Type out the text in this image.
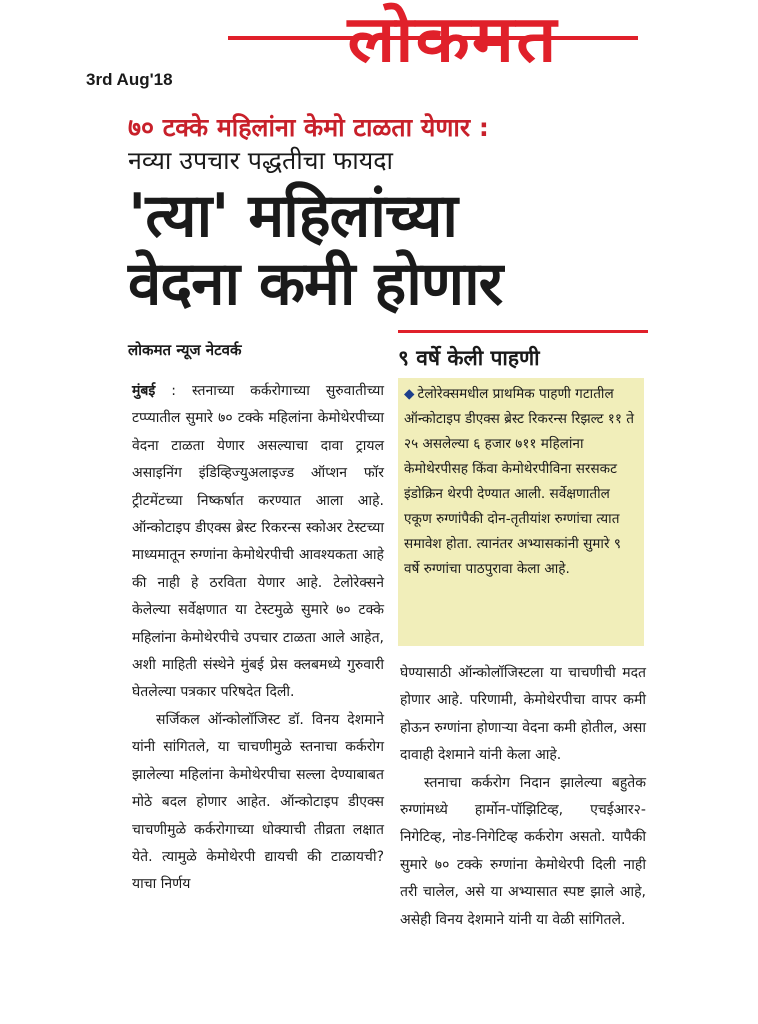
लोकमत
3rd Aug'18
७० टक्के महिलांना केमो टाळता येणार :
नव्या उपचार पद्धतीचा फायदा
'त्या' महिलांच्या
वेदना कमी होणार
लोकमत न्यूज नेटवर्क	९ वर्षे केली पाहणी
◆ टेलोरेक्समधील प्राथमिक पाहणी गटातील ऑन्कोटाइप डीएक्स ब्रेस्ट रिकरन्स रिझल्ट ११ ते २५ असलेल्या ६ हजार ७११ महिलांना केमोथेरपीसह किंवा केमोथेरपीविना सरसकट इंडोक्रिन थेरपी देण्यात आली. सर्वेक्षणातील एकूण रुग्णांपैकी दोन-तृतीयांश रुग्णांचा त्यात समावेश होता. त्यानंतर अभ्यासकांनी सुमारे ९ वर्षे रुग्णांचा पाठपुरावा केला आहे.

मुंबई : स्तनाच्या कर्करोगाच्या सुरुवातीच्या टप्प्यातील सुमारे ७० टक्के महिलांना केमोथेरपीच्या वेदना टाळता येणार असल्याचा दावा ट्रायल असाइनिंग इंडिव्हिज्युअलाइज्ड ऑप्शन फॉर ट्रीटमेंटच्या निष्कर्षात करण्यात आला आहे. ऑन्कोटाइप डीएक्स ब्रेस्ट रिकरन्स स्कोअर टेस्टच्या माध्यमातून रुग्णांना केमोथेरपीची आवश्यकता आहे की नाही हे ठरविता येणार आहे. टेलोरेक्सने केलेल्या सर्वेक्षणात या टेस्टमुळे सुमारे ७० टक्के महिलांना केमोथेरपीचे उपचार टाळता आले आहेत, अशी माहिती संस्थेने मुंबई प्रेस क्लबमध्ये गुरुवारी घेतलेल्या पत्रकार परिषदेत दिली.

सर्जिकल ऑन्कोलॉजिस्ट डॉ. विनय देशमाने यांनी सांगितले, या चाचणीमुळे स्तनाचा कर्करोग झालेल्या महिलांना केमोथेरपीचा सल्ला देण्याबाबत मोठे बदल होणार आहेत. ऑन्कोटाइप डीएक्स चाचणीमुळे कर्करोगाच्या धोक्याची तीव्रता लक्षात येते. त्यामुळे केमोथेरपी द्यायची की टाळायची? याचा निर्णय

घेण्यासाठी ऑन्कोलॉजिस्टला या चाचणीची मदत होणार आहे. परिणामी, केमोथेरपीचा वापर कमी होऊन रुग्णांना होणाऱ्या वेदना कमी होतील, असा दावाही देशमाने यांनी केला आहे.

स्तनाचा कर्करोग निदान झालेल्या बहुतेक रुग्णांमध्ये हार्मोन-पॉझिटिव्ह, एचईआर२-निगेटिव्ह, नोड-निगेटिव्ह कर्करोग असतो. यापैकी सुमारे ७० टक्के रुग्णांना केमोथेरपी दिली नाही तरी चालेल, असे या अभ्यासात स्पष्ट झाले आहे, असेही विनय देशमाने यांनी या वेळी सांगितले.
